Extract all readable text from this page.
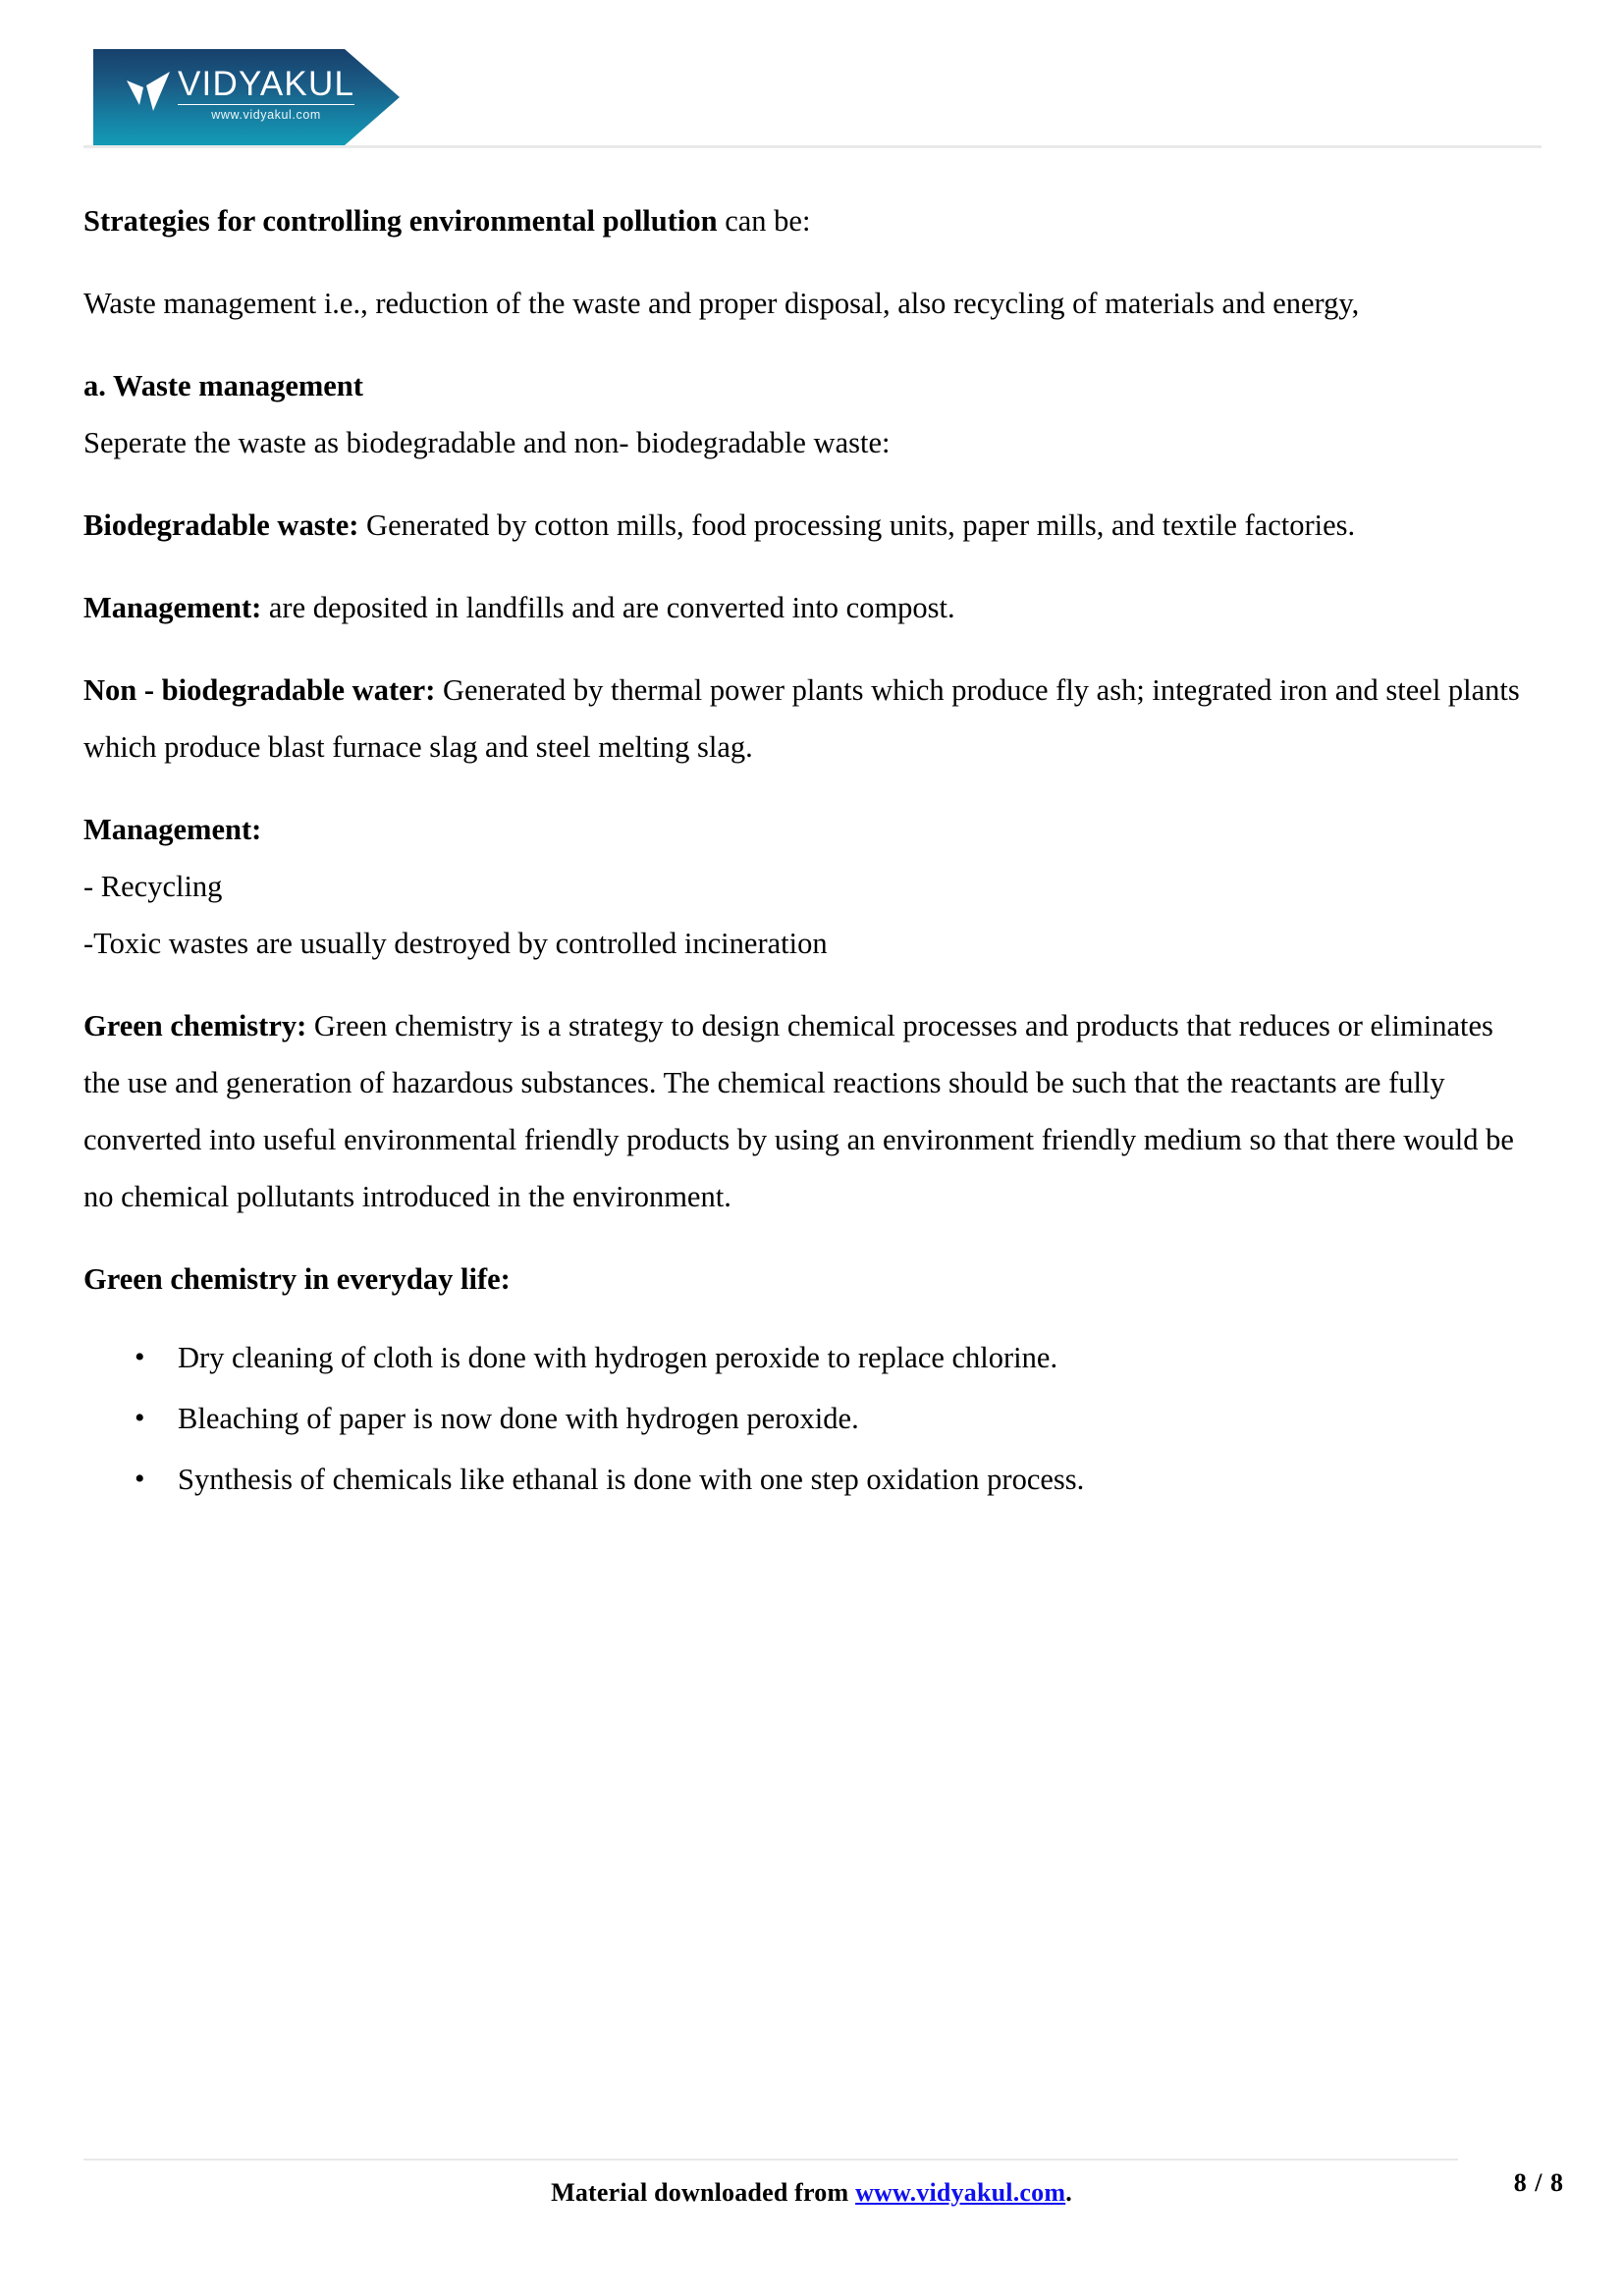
VIDYAKUL
www.vidyakul.com

Strategies for controlling environmental pollution can be:

Waste management i.e., reduction of the waste and proper disposal, also recycling of materials and energy,

a. Waste management

Seperate the waste as biodegradable and non- biodegradable waste:

Biodegradable waste: Generated by cotton mills, food processing units, paper mills, and textile factories.

Management: are deposited in landfills and are converted into compost.

Non - biodegradable water: Generated by thermal power plants which produce fly ash; integrated iron and steel plants which produce blast furnace slag and steel melting slag.

Management:

- Recycling

-Toxic wastes are usually destroyed by controlled incineration

Green chemistry: Green chemistry is a strategy to design chemical processes and products that reduces or eliminates the use and generation of hazardous substances. The chemical reactions should be such that the reactants are fully converted into useful environmental friendly products by using an environment friendly medium so that there would be no chemical pollutants introduced in the environment.

Green chemistry in everyday life:

• Dry cleaning of cloth is done with hydrogen peroxide to replace chlorine.
• Bleaching of paper is now done with hydrogen peroxide.
• Synthesis of chemicals like ethanal is done with one step oxidation process.
Material downloaded from www.vidyakul.com.	8 / 8
